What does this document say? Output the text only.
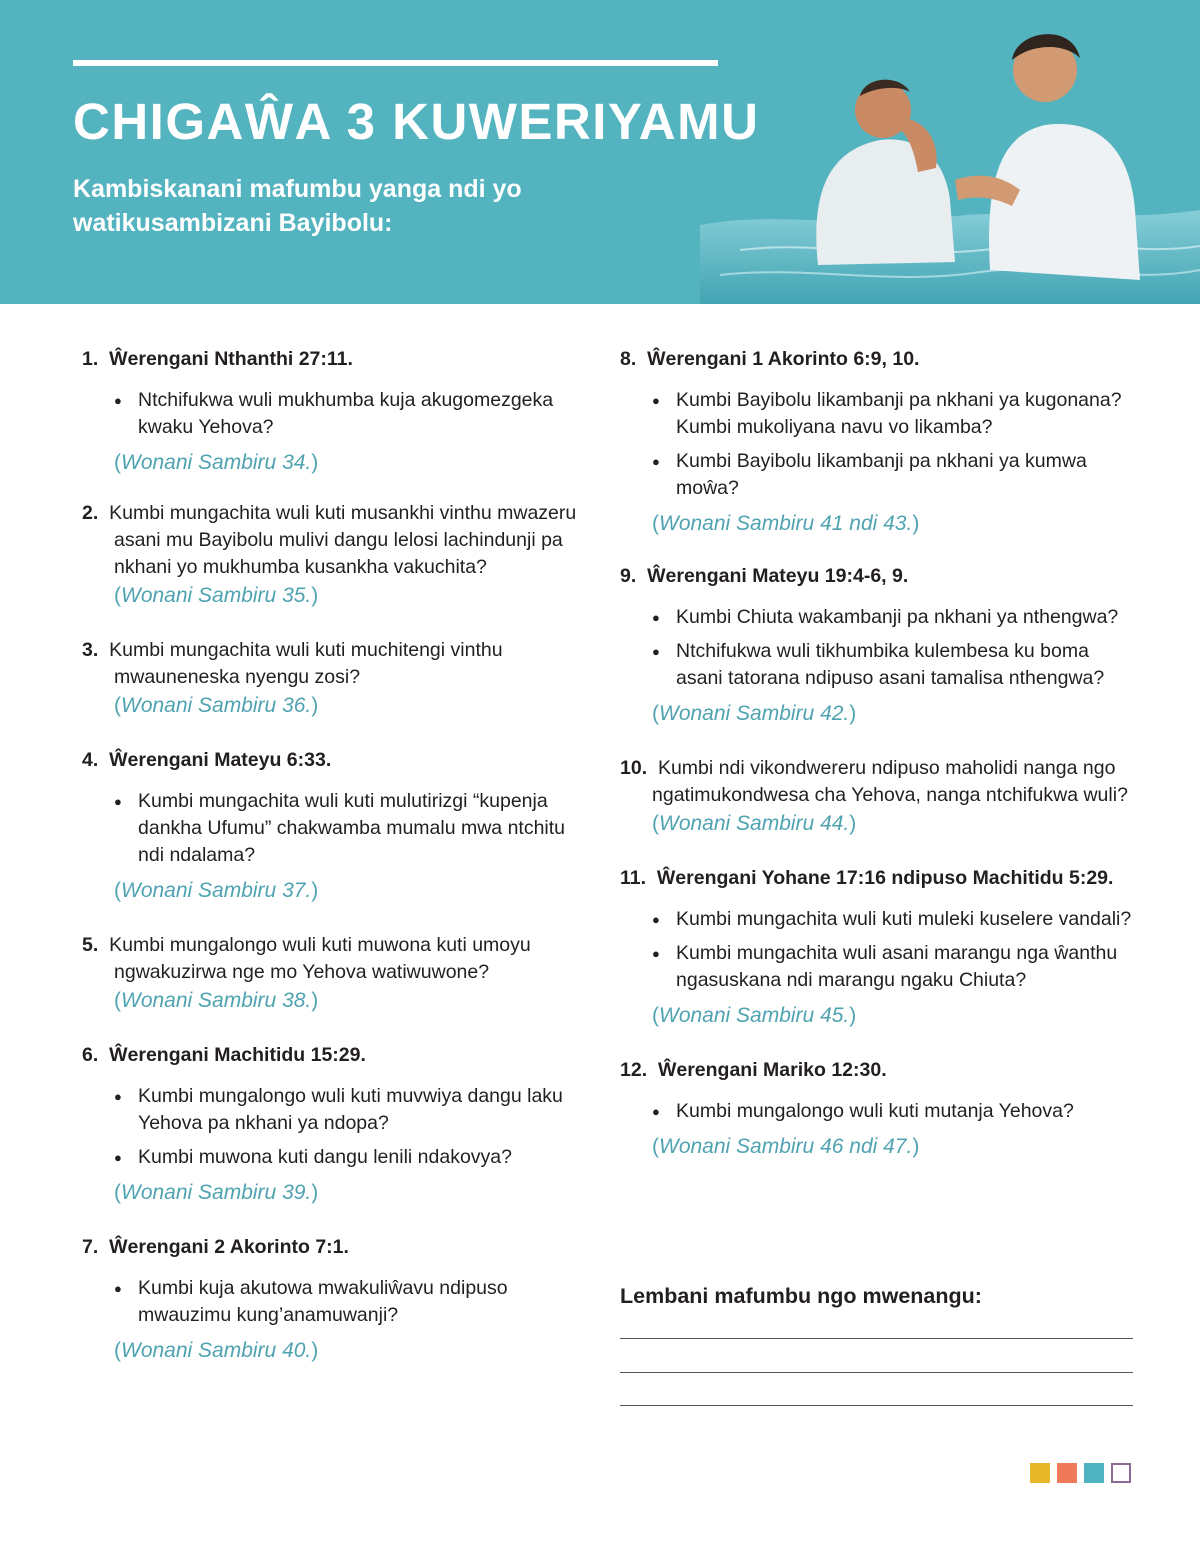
CHIGAŴA 3 KUWERIYAMU

Kambiskanani mafumbu yanga ndi yo watikusambizani Bayibolu:

1. Ŵerengani Nthanthi 27:11.
● Ntchifukwa wuli mukhumba kuja akugomezgeka kwaku Yehova?
(Wonani Sambiru 34.)
2. Kumbi mungachita wuli kuti musankhi vinthu mwazeru asani mu Bayibolu mulivi dangu lelosi lachindunji pa nkhani yo mukhumba kusankha vakuchita?
(Wonani Sambiru 35.)
3. Kumbi mungachita wuli kuti muchitengi vinthu mwauneneska nyengu zosi?
(Wonani Sambiru 36.)
4. Ŵerengani Mateyu 6:33.
● Kumbi mungachita wuli kuti mulutirizgi “kupenja dankha Ufumu” chakwamba mumalu mwa ntchitu ndi ndalama?
(Wonani Sambiru 37.)
5. Kumbi mungalongo wuli kuti muwona kuti umoyu ngwakuzirwa nge mo Yehova watiwuwone?
(Wonani Sambiru 38.)
6. Ŵerengani Machitidu 15:29.
● Kumbi mungalongo wuli kuti muvwiya dangu laku Yehova pa nkhani ya ndopa?
● Kumbi muwona kuti dangu lenili ndakovya?
(Wonani Sambiru 39.)
7. Ŵerengani 2 Akorinto 7:1.
● Kumbi kuja akutowa mwakuliŵavu ndipuso mwauzimu kung’anamuwanji?
(Wonani Sambiru 40.)
8. Ŵerengani 1 Akorinto 6:9, 10.
● Kumbi Bayibolu likambanji pa nkhani ya kugonana? Kumbi mukoliyana navu vo likamba?
● Kumbi Bayibolu likambanji pa nkhani ya kumwa moŵa?
(Wonani Sambiru 41 ndi 43.)
9. Ŵerengani Mateyu 19:4-6, 9.
● Kumbi Chiuta wakambanji pa nkhani ya nthengwa?
● Ntchifukwa wuli tikhumbika kulembesa ku boma asani tatorana ndipuso asani tamalisa nthengwa?
(Wonani Sambiru 42.)
10. Kumbi ndi vikondwereru ndipuso maholidi nanga ngo ngatimukondwesa cha Yehova, nanga ntchifukwa wuli?
(Wonani Sambiru 44.)
11. Ŵerengani Yohane 17:16 ndipuso Machitidu 5:29.
● Kumbi mungachita wuli kuti muleki kuselere vandali?
● Kumbi mungachita wuli asani marangu nga ŵanthu ngasuskana ndi marangu ngaku Chiuta?
(Wonani Sambiru 45.)
12. Ŵerengani Mariko 12:30.
● Kumbi mungalongo wuli kuti mutanja Yehova?
(Wonani Sambiru 46 ndi 47.)

Lembani mafumbu ngo mwenangu:
